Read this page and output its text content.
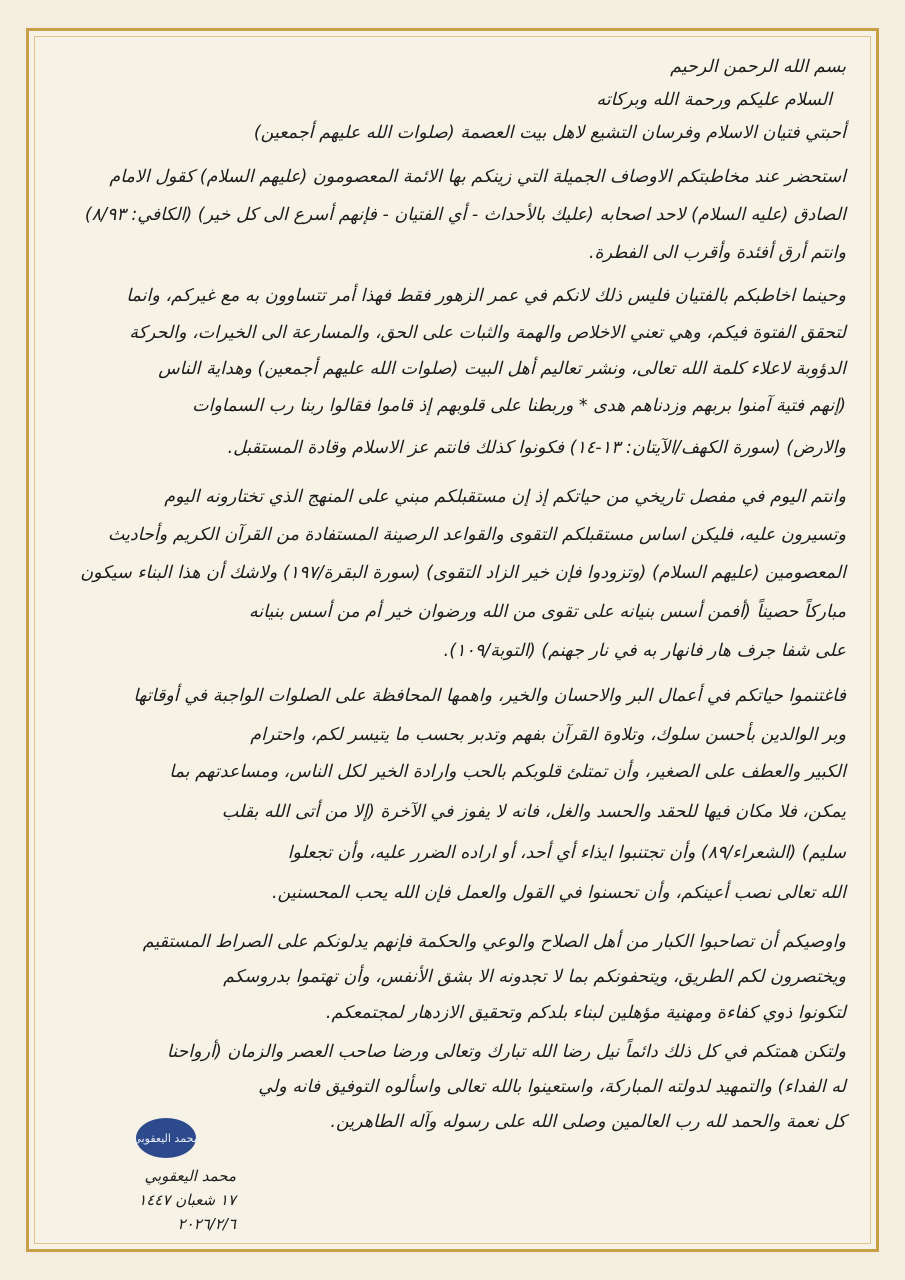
بسم الله الرحمن الرحيم
السلام عليكم ورحمة الله وبركاته
أحبتي فتيان الاسلام وفرسان التشيع لاهل بيت العصمة (صلوات الله عليهم أجمعين)
استحضر عند مخاطبتكم الاوصاف الجميلة التي زينكم بها الائمة المعصومون (عليهم السلام) كقول الامام
الصادق (عليه السلام) لاحد اصحابه (عليك بالأحداث - أي الفتيان - فإنهم أسرع الى كل خير) (الكافي: ٨/٩٣)
وانتم أرق أفئدة وأقرب الى الفطرة.
وحينما اخاطبكم بالفتيان فليس ذلك لانكم في عمر الزهور فقط فهذا أمر تتساوون به مع غيركم، وانما
لتحقق الفتوة فيكم، وهي تعني الاخلاص والهمة والثبات على الحق، والمسارعة الى الخيرات، والحركة
الدؤوبة لاعلاء كلمة الله تعالى، ونشر تعاليم أهل البيت (صلوات الله عليهم أجمعين) وهداية الناس
(إنهم فتية آمنوا بربهم وزدناهم هدى * وربطنا على قلوبهم إذ قاموا فقالوا ربنا رب السماوات
والارض) (سورة الكهف/الآيتان: ١٣-١٤) فكونوا كذلك فانتم عز الاسلام وقادة المستقبل.
وانتم اليوم في مفصل تاريخي من حياتكم إذ إن مستقبلكم مبني على المنهج الذي تختارونه اليوم
وتسيرون عليه، فليكن اساس مستقبلكم التقوى والقواعد الرصينة المستفادة من القرآن الكريم وأحاديث
المعصومين (عليهم السلام) (وتزودوا فإن خير الزاد التقوى) (سورة البقرة/١٩٧) ولاشك أن هذا البناء سيكون
مباركاً حصيناً (أفمن أسس بنيانه على تقوى من الله ورضوان خير أم من أسس بنيانه
على شفا جرف هار فانهار به في نار جهنم) (التوبة/١٠٩).
فاغتنموا حياتكم في أعمال البر والاحسان والخير، واهمها المحافظة على الصلوات الواجبة في أوقاتها
وبر الوالدين بأحسن سلوك، وتلاوة القرآن بفهم وتدبر بحسب ما يتيسر لكم، واحترام
الكبير والعطف على الصغير، وأن تمتلئ قلوبكم بالحب وارادة الخير لكل الناس، ومساعدتهم بما
يمكن، فلا مكان فيها للحقد والحسد والغل، فانه لا يفوز في الآخرة (إلا من أتى الله بقلب
سليم) (الشعراء/٨٩) وأن تجتنبوا ايذاء أي أحد، أو اراده الضرر عليه، وأن تجعلوا
الله تعالى نصب أعينكم، وأن تحسنوا في القول والعمل فإن الله يحب المحسنين.
واوصيكم أن تصاحبوا الكبار من أهل الصلاح والوعي والحكمة فإنهم يدلونكم على الصراط المستقيم
ويختصرون لكم الطريق، ويتحفونكم بما لا تجدونه الا بشق الأنفس، وأن تهتموا بدروسكم
لتكونوا ذوي كفاءة ومهنية مؤهلين لبناء بلدكم وتحقيق الازدهار لمجتمعكم.
ولتكن همتكم في كل ذلك دائماً نيل رضا الله تبارك وتعالى ورضا صاحب العصر والزمان (أرواحنا
له الفداء) والتمهيد لدولته المباركة، واستعينوا بالله تعالى واسألوه التوفيق فانه ولي
كل نعمة والحمد لله رب العالمين وصلى الله على رسوله وآله الطاهرين.
محمد اليعقوبي
محمد اليعقوبي
١٧ شعبان ١٤٤٧
٢٠٢٦/٢/٦
